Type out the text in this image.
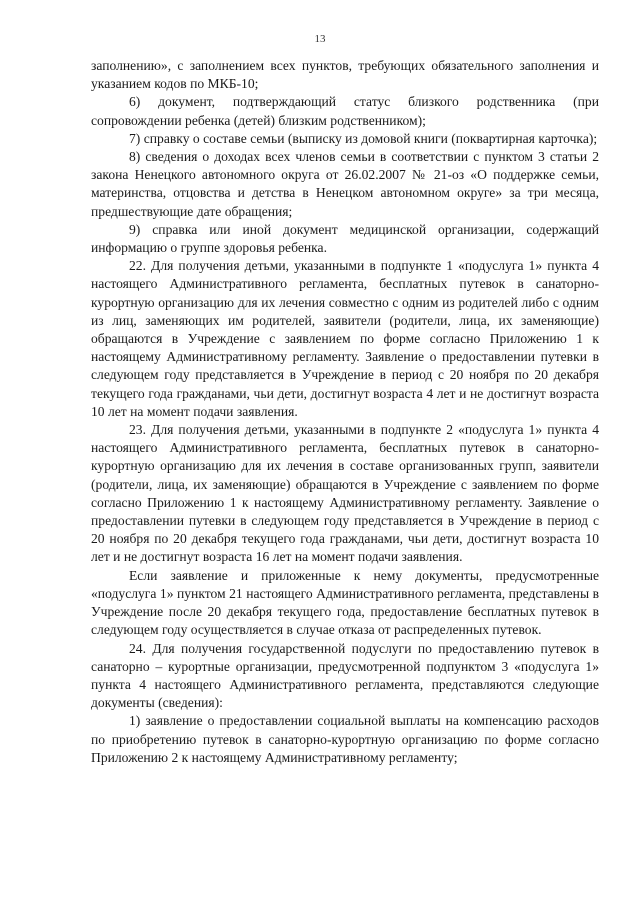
13

заполнению», с заполнением всех пунктов, требующих обязательного заполнения и указанием кодов по МКБ-10;

6) документ, подтверждающий статус близкого родственника (при сопровождении ребенка (детей) близким родственником);

7) справку о составе семьи (выписку из домовой книги (поквартирная карточка);

8) сведения о доходах всех членов семьи в соответствии с пунктом 3 статьи 2 закона Ненецкого автономного округа от 26.02.2007 № 21-оз «О поддержке семьи, материнства, отцовства и детства в Ненецком автономном округе» за три месяца, предшествующие дате обращения;

9) справка или иной документ медицинской организации, содержащий информацию о группе здоровья ребенка.

22. Для получения детьми, указанными в подпункте 1 «подуслуга 1» пункта 4 настоящего Административного регламента, бесплатных путевок в санаторно-курортную организацию для их лечения совместно с одним из родителей либо с одним из лиц, заменяющих им родителей, заявители (родители, лица, их заменяющие) обращаются в Учреждение с заявлением по форме согласно Приложению 1 к настоящему Административному регламенту. Заявление о предоставлении путевки в следующем году представляется в Учреждение в период с 20 ноября по 20 декабря текущего года гражданами, чьи дети, достигнут возраста 4 лет и не достигнут возраста 10 лет на момент подачи заявления.

23. Для получения детьми, указанными в подпункте 2 «подуслуга 1» пункта 4 настоящего Административного регламента, бесплатных путевок в санаторно-курортную организацию для их лечения в составе организованных групп, заявители (родители, лица, их заменяющие) обращаются в Учреждение с заявлением по форме согласно Приложению 1 к настоящему Административному регламенту. Заявление о предоставлении путевки в следующем году представляется в Учреждение в период с 20 ноября по 20 декабря текущего года гражданами, чьи дети, достигнут возраста 10 лет и не достигнут возраста 16 лет на момент подачи заявления.

Если заявление и приложенные к нему документы, предусмотренные «подуслуга 1» пунктом 21 настоящего Административного регламента, представлены в Учреждение после 20 декабря текущего года, предоставление бесплатных путевок в следующем году осуществляется в случае отказа от распределенных путевок.

24. Для получения государственной подуслуги по предоставлению путевок в санаторно – курортные организации, предусмотренной подпунктом 3 «подуслуга 1» пункта 4 настоящего Административного регламента, представляются следующие документы (сведения):

1) заявление о предоставлении социальной выплаты на компенсацию расходов по приобретению путевок в санаторно-курортную организацию по форме согласно Приложению 2 к настоящему Административному регламенту;
